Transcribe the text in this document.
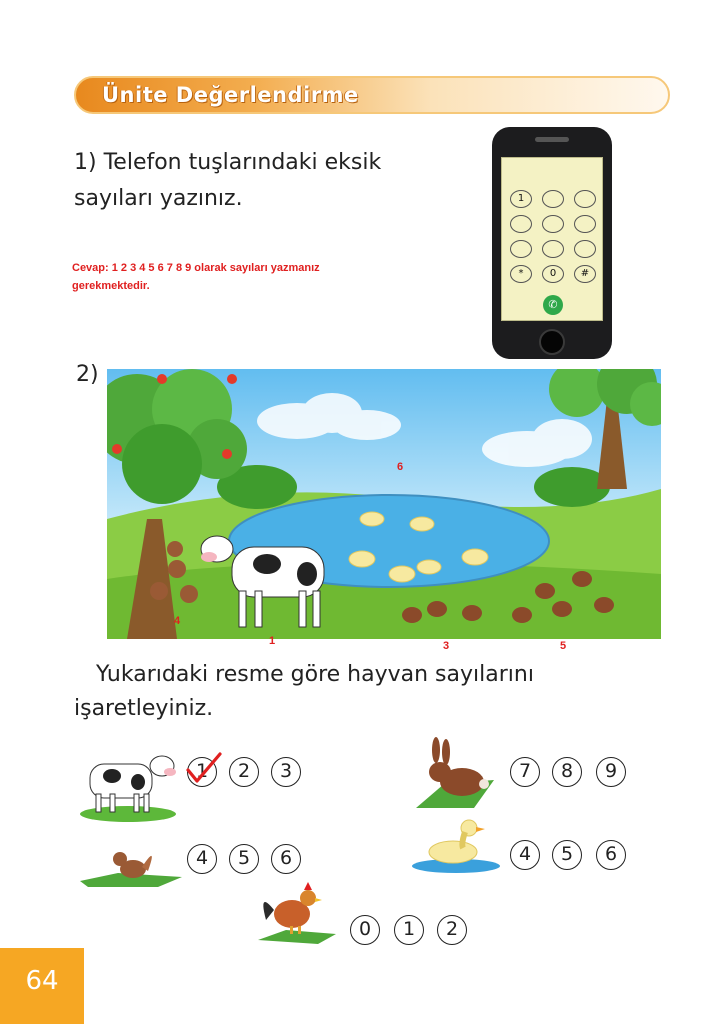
Ünite Değerlendirme
1) Telefon tuşlarındaki eksik
sayıları yazınız.
Cevap: 1 2 3 4 5 6 7 8 9 olarak sayıları yazmanız
gerekmektedir.
1
*	0	#
✆
2)
6
4
1	3	5
Yukarıdaki resme göre hayvan sayılarını
işaretleyiniz.
1	2	3	7	8	9
4	5	6	4	5	6
0	1	2
64
